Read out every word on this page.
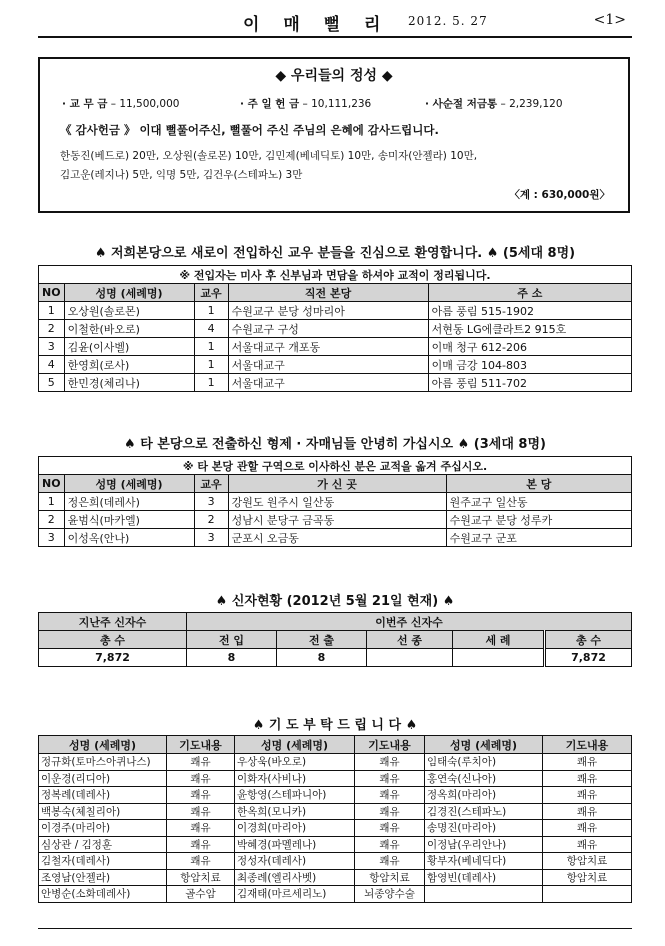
이 매 뻘 리 2012. 5. 27	<1>
◆ 우리들의 정성 ◆
· 교 무 금 – 11,500,000	· 주 일 헌 금 – 10,111,236	· 사순절 저금통 – 2,239,120
《 감사헌금 》 이대 뻘풀어주신, 뻘풀어 주신 주님의 은혜에 감사드립니다.
한동진(베드로) 20만, 오상원(솔로몬) 10만, 김민제(베네딕토) 10만, 송미자(안젤라) 10만,
김고운(레지나) 5만, 익명 5만, 김건우(스테파노) 3만
〈계 : 630,000원〉
♠ 저희본당으로 새로이 전입하신 교우 분들을 진심으로 환영합니다. ♠ (5세대 8명)
※ 전입자는 미사 후 신부님과 면담을 하셔야 교적이 정리됩니다.				
NO	성명 (세례명)	교우	직전 본당	주 소
1	오상원(솔로몬)	1	수원교구 분당 성마리아	아름 풍림 515-1902
2	이철한(바오로)	4	수원교구 구성	서현동 LG에클라트2 915호
3	김윤(이사벨)	1	서울대교구 개포동	이매 청구 612-206
4	한영희(로사)	1	서울대교구	이매 금강 104-803
5	한민경(체리나)	1	서울대교구	아름 풍림 511-702
♠ 타 본당으로 전출하신 형제 · 자매님들 안녕히 가십시오 ♠ (3세대 8명)
※ 타 본당 관할 구역으로 이사하신 분은 교적을 옮겨 주십시오.				
NO	성명 (세례명)	교우	가 신 곳	본 당
1	정은희(데레사)	3	강원도 원주시 일산동	원주교구 일산동
2	윤범식(마카엘)	2	성남시 분당구 금곡동	수원교구 분당 성루카
3	이성옥(안나)	3	군포시 오금동	수원교구 군포
♠ 신자현황 (2012년 5월 21일 현재) ♠
지난주 신자수	이번주 신자수				
총 수	전 입	전 출	선 종	세 례	총 수
7,872	8	8			7,872
♠ 기 도 부 탁 드 립 니 다 ♠
성명 (세례명)	기도내용	성명 (세례명)	기도내용	성명 (세례명)	기도내용
정규화(토마스아퀴나스)	쾌유	우상욱(바오로)	쾌유	임태숙(루치아)	쾌유
이운경(리디아)	쾌유	이화자(사비나)	쾌유	홍연숙(신나아)	쾌유
정복례(데레사)	쾌유	윤항영(스테파니아)	쾌유	정옥희(마리아)	쾌유
백봉숙(체칠리아)	쾌유	한옥희(모니카)	쾌유	김경진(스테파노)	쾌유
이경주(마리아)	쾌유	이경희(마리아)	쾌유	송명진(마리아)	쾌유
심상관 / 김정훈	쾌유	박혜경(파멜레나)	쾌유	이정남(우리안나)	쾌유
김철자(데레사)	쾌유	정성자(데레사)	쾌유	황부자(베네딕다)	항암치료
조영남(안젤라)	항암치료	최종례(엘리사벳)	항암치료	함영빈(데레사)	항암치료
안병순(소화데레사)	골수암	김재태(마르세리노)	뇌종양수술		
